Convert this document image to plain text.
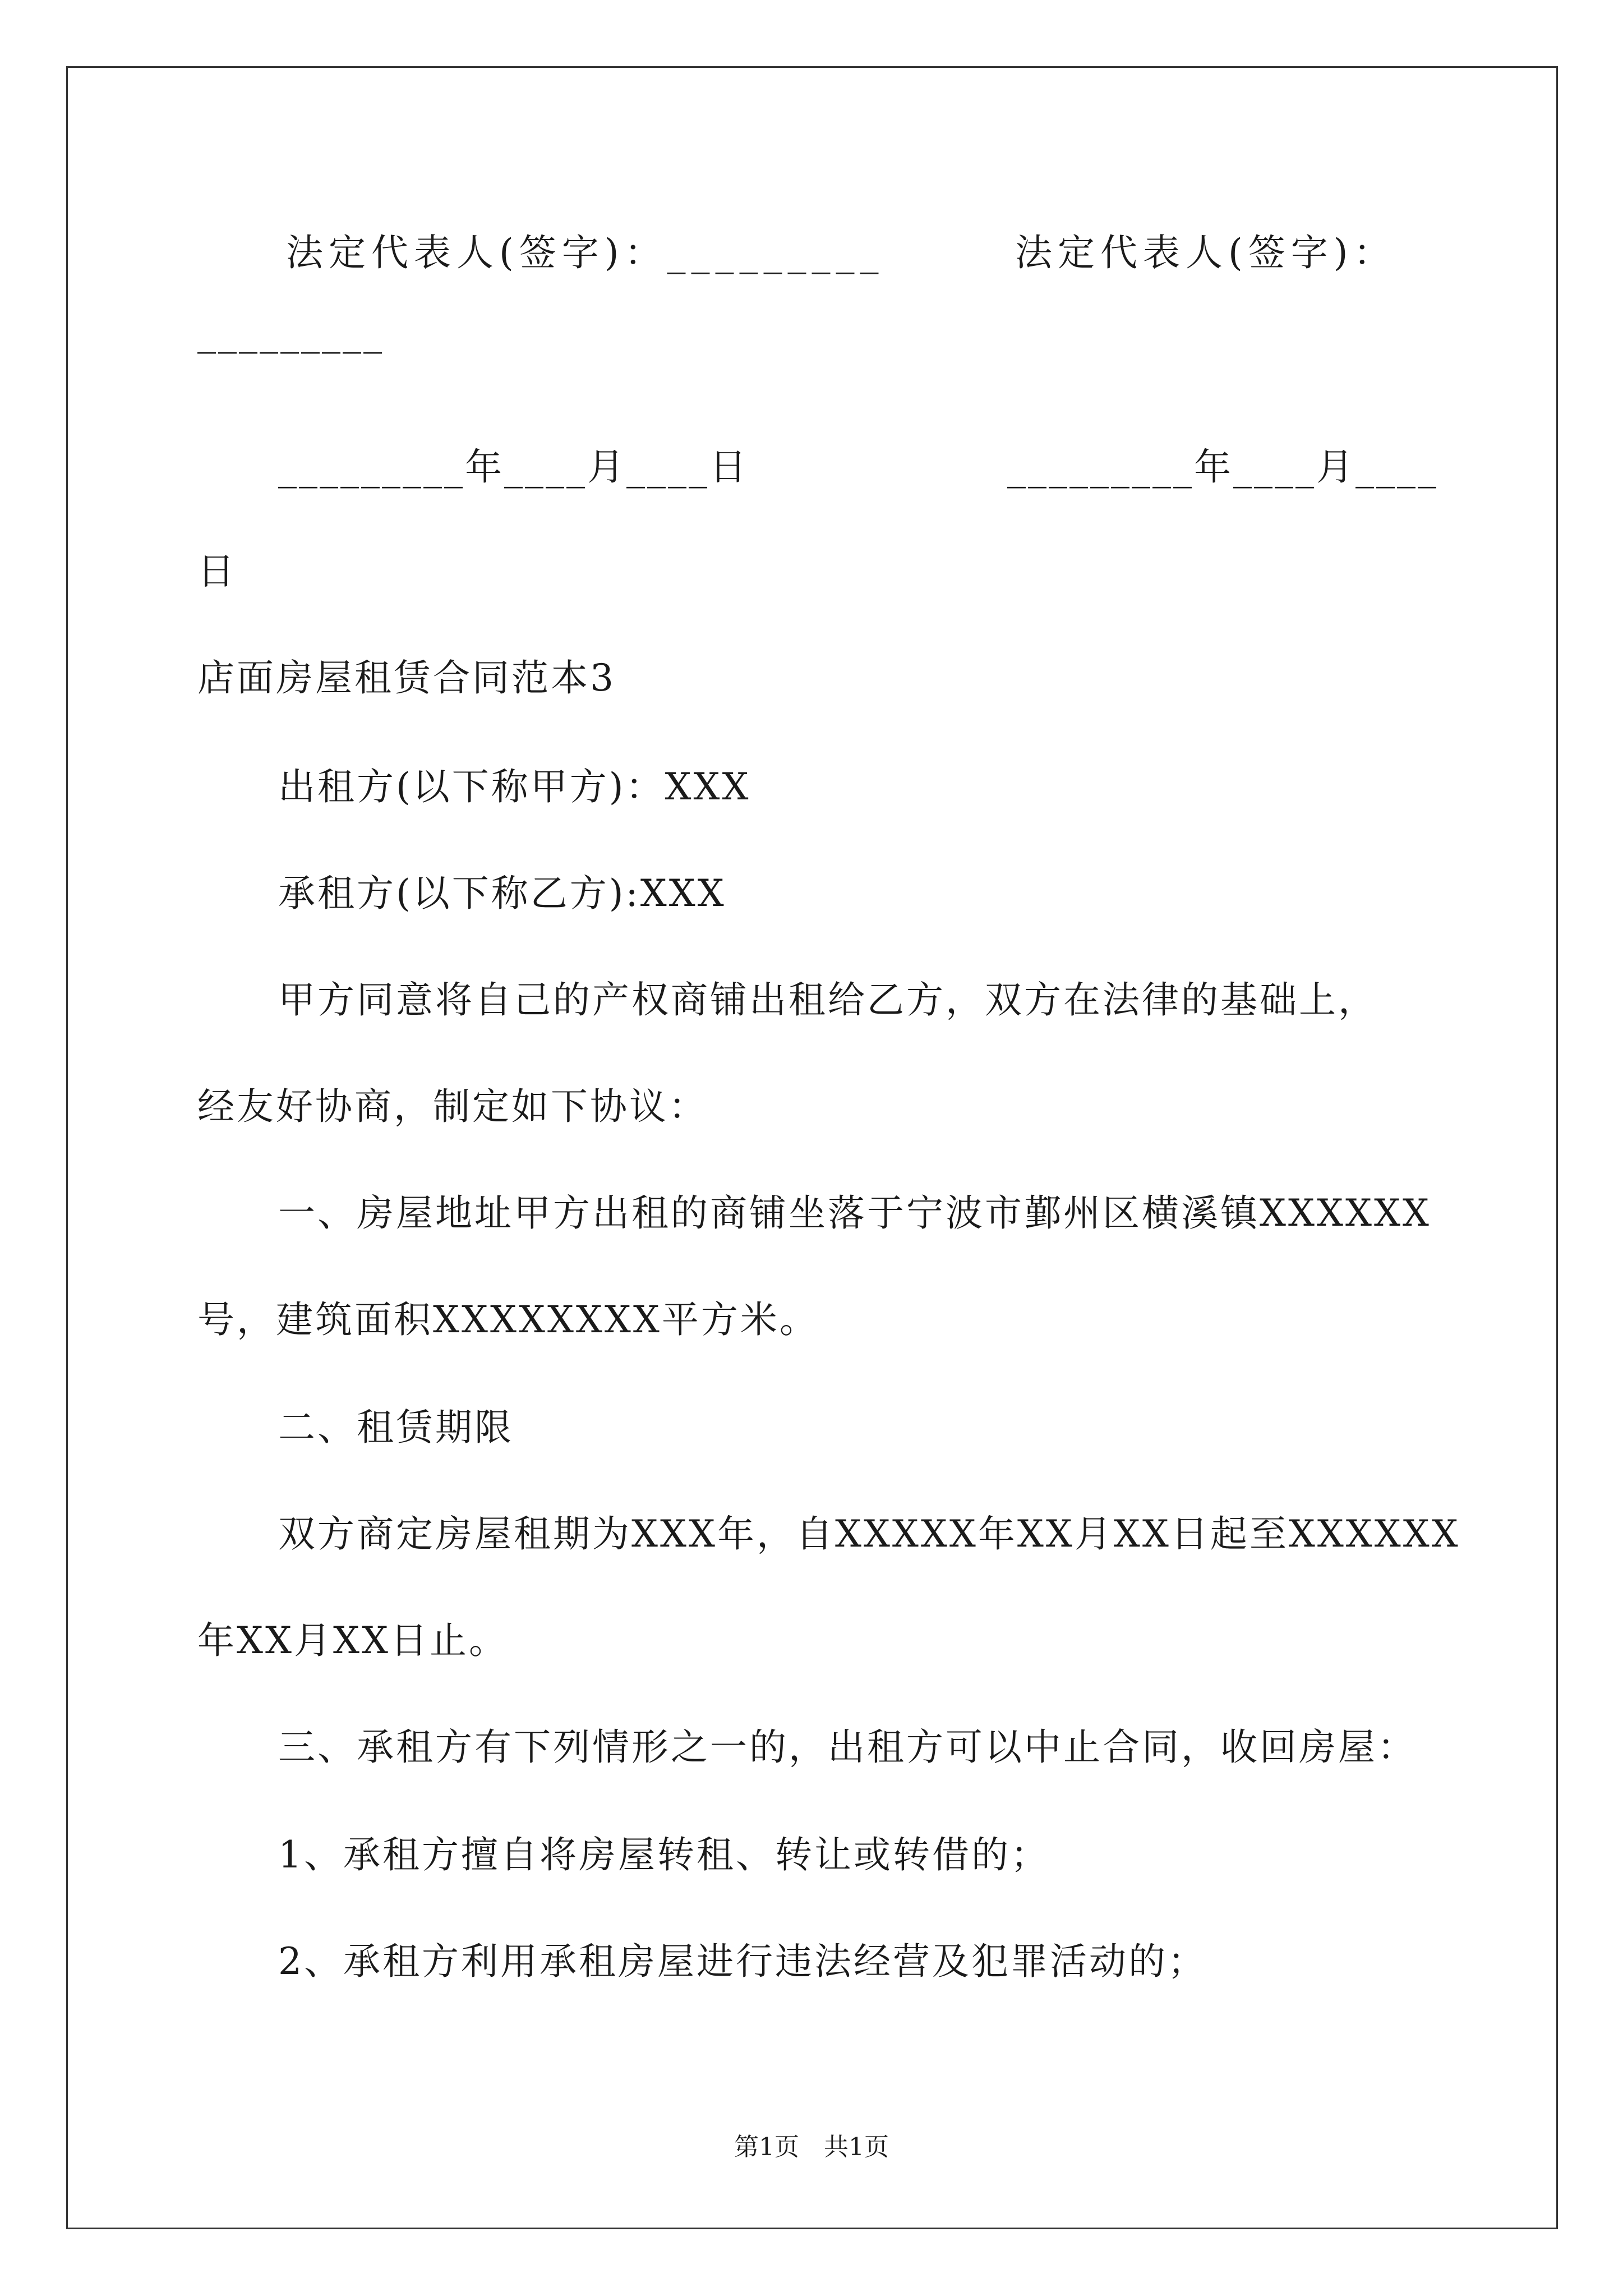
法定代表人(签字)：_________	法定代表人(签字)：
_________
_________年____月____日	_________年____月____
日
店面房屋租赁合同范本3
出租方(以下称甲方)：XXX
承租方(以下称乙方):XXX
甲方同意将自己的产权商铺出租给乙方，双方在法律的基础上，
经友好协商，制定如下协议：
一、房屋地址甲方出租的商铺坐落于宁波市鄞州区横溪镇XXXXXX
号，建筑面积XXXXXXXX平方米。
二、租赁期限
双方商定房屋租期为XXX年，自XXXXX年XX月XX日起至XXXXXX
年XX月XX日止。
三、承租方有下列情形之一的，出租方可以中止合同，收回房屋：
1、承租方擅自将房屋转租、转让或转借的；
2、承租方利用承租房屋进行违法经营及犯罪活动的；
第1页　共1页
